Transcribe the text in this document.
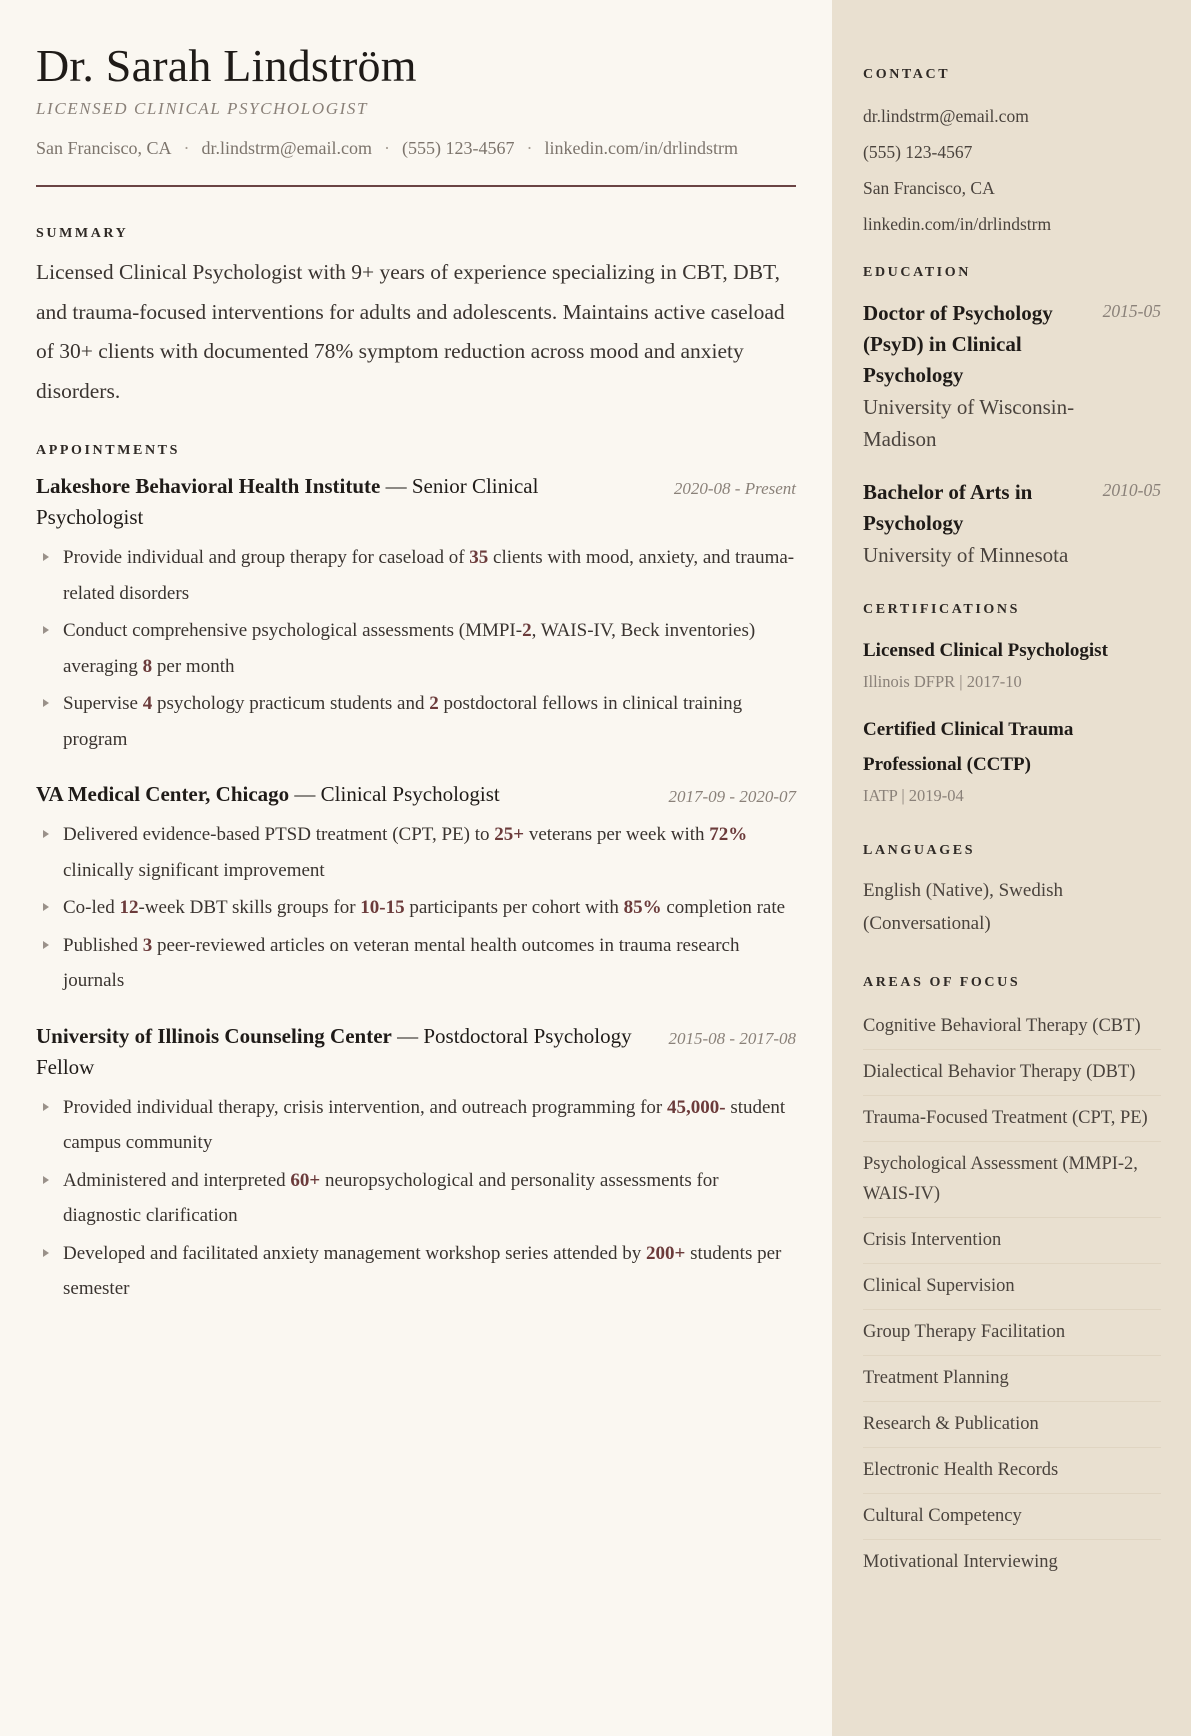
Dr. Sarah Lindström
LICENSED CLINICAL PSYCHOLOGIST
San Francisco, CA · dr.lindstrm@email.com · (555) 123-4567 · linkedin.com/in/drlindstrm
SUMMARY

Licensed Clinical Psychologist with 9+ years of experience specializing in CBT, DBT, and trauma-focused interventions for adults and adolescents. Maintains active caseload of 30+ clients with documented 78% symptom reduction across mood and anxiety disorders.

APPOINTMENTS
Lakeshore Behavioral Health Institute — Senior Clinical Psychologist
2020-08 - Present
Provide individual and group therapy for caseload of 35 clients with mood, anxiety, and trauma-related disorders
Conduct comprehensive psychological assessments (MMPI-2, WAIS-IV, Beck inventories) averaging 8 per month
Supervise 4 psychology practicum students and 2 postdoctoral fellows in clinical training program
VA Medical Center, Chicago — Clinical Psychologist	2017-09 - 2020-07
Delivered evidence-based PTSD treatment (CPT, PE) to 25+ veterans per week with 72% clinically significant improvement
Co-led 12-week DBT skills groups for 10-15 participants per cohort with 85% completion rate
Published 3 peer-reviewed articles on veteran mental health outcomes in trauma research journals
University of Illinois Counseling Center — Postdoctoral Psychology Fellow
2015-08 - 2017-08
Provided individual therapy, crisis intervention, and outreach programming for 45,000- student campus community
Administered and interpreted 60+ neuropsychological and personality assessments for diagnostic clarification
Developed and facilitated anxiety management workshop series attended by 200+ students per semester
CONTACT
dr.lindstrm@email.com
(555) 123-4567
San Francisco, CA
linkedin.com/in/drlindstrm
EDUCATION
Doctor of Psychology (PsyD) in Clinical Psychology
University of Wisconsin-Madison
2015-05
Bachelor of Arts in Psychology
University of Minnesota
2010-05
CERTIFICATIONS
Licensed Clinical Psychologist
Illinois DFPR | 2017-10
Certified Clinical Trauma Professional (CCTP)
IATP | 2019-04
LANGUAGES
English (Native), Swedish (Conversational)
AREAS OF FOCUS
Cognitive Behavioral Therapy (CBT)
Dialectical Behavior Therapy (DBT)
Trauma-Focused Treatment (CPT, PE)
Psychological Assessment (MMPI-2, WAIS-IV)
Crisis Intervention
Clinical Supervision
Group Therapy Facilitation
Treatment Planning
Research & Publication
Electronic Health Records
Cultural Competency
Motivational Interviewing
